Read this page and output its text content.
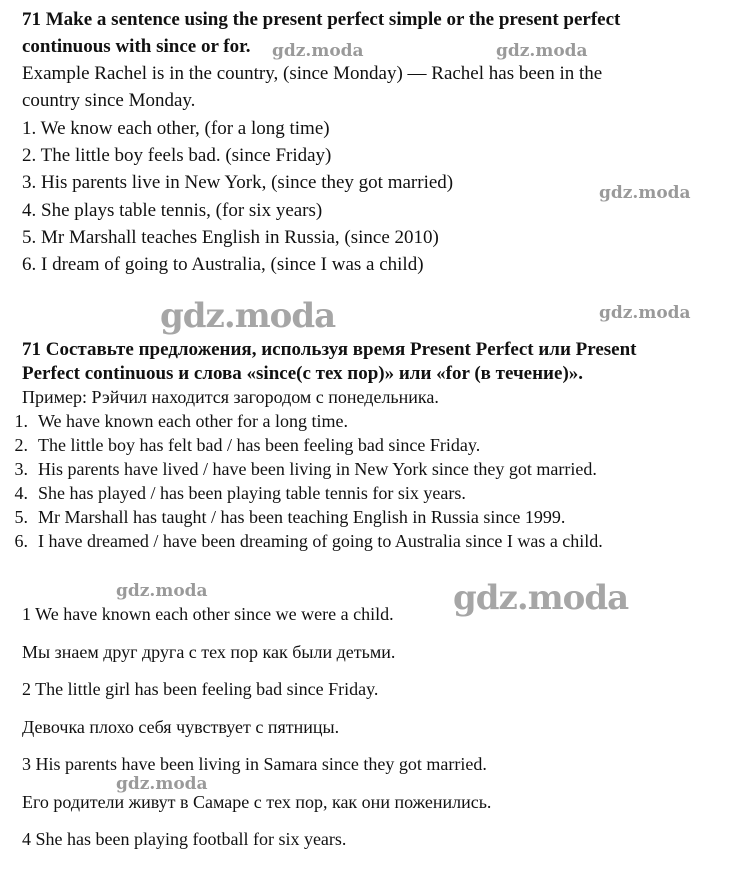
71 Make a sentence using the present perfect simple or the present perfect
continuous with since or for.
Example Rachel is in the country, (since Monday) — Rachel has been in the
country since Monday.
1. We know each other, (for a long time)
2. The little boy feels bad. (since Friday)
3. His parents live in New York, (since they got married)
4. She plays table tennis, (for six years)
5. Mr Marshall teaches English in Russia, (since 2010)
6. I dream of going to Australia, (since I was a child)
71 Составьте предложения, используя время Present Perfect или Present
Perfect continuous и слова «since(с тех пор)» или «for (в течение)».
Пример: Рэйчил находится загородом с понедельника.
1. We have known each other for a long time.
2. The little boy has felt bad / has been feeling bad since Friday.
3. His parents have lived / have been living in New York since they got married.
4. She has played / has been playing table tennis for six years.
5. Mr Marshall has taught / has been teaching English in Russia since 1999.
6. I have dreamed / have been dreaming of going to Australia since I was a child.
1 We have known each other since we were a child.
Мы знаем друг друга с тех пор как были детьми.
2 The little girl has been feeling bad since Friday.
Девочка плохо себя чувствует с пятницы.
3 His parents have been living in Samara since they got married.
Его родители живут в Самаре с тех пор, как они поженились.
4 She has been playing football for six years.
gdz.moda	gdz.moda
gdz.moda
gdz.moda	gdz.moda
gdz.moda	gdz.moda
gdz.moda
